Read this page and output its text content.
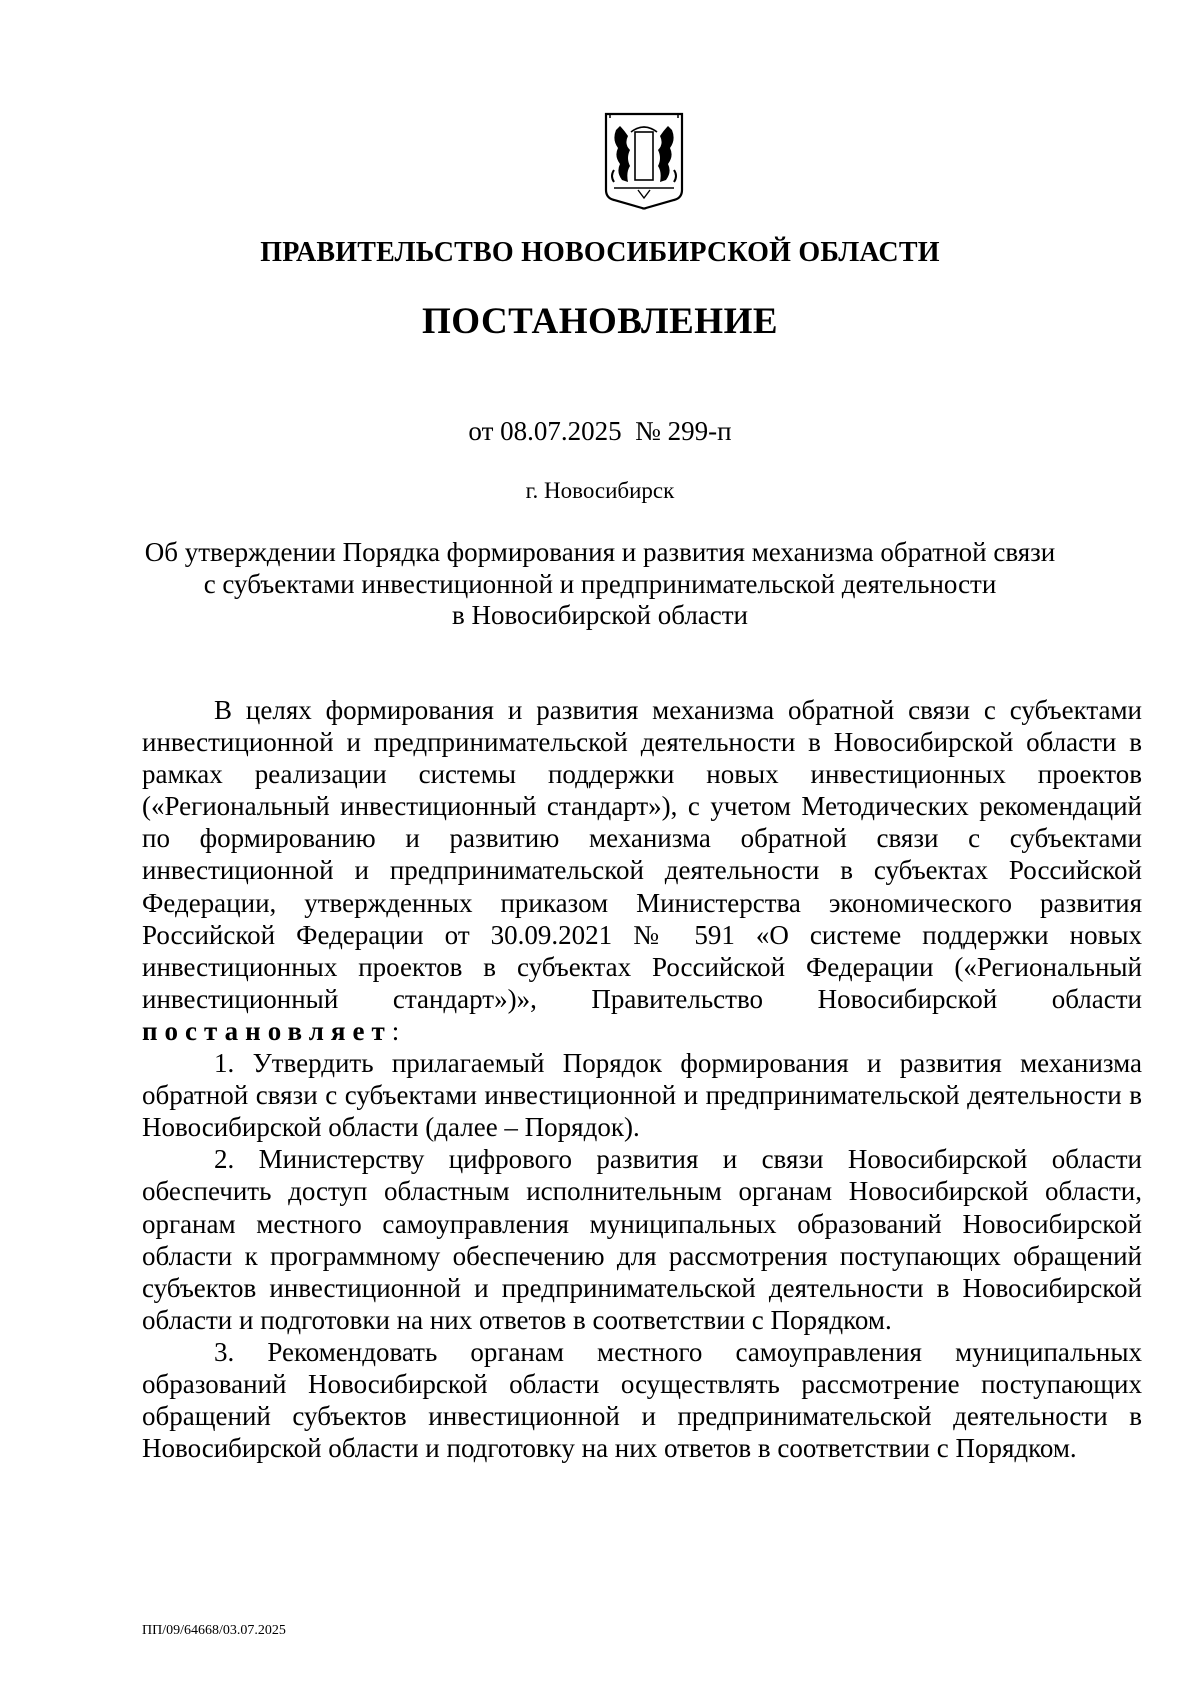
ПРАВИТЕЛЬСТВО НОВОСИБИРСКОЙ ОБЛАСТИ
ПОСТАНОВЛЕНИЕ
от 08.07.2025  № 299-п
г. Новосибирск
Об утверждении Порядка формирования и развития механизма обратной связи
с субъектами инвестиционной и предпринимательской деятельности
в Новосибирской области

В целях формирования и развития механизма обратной связи с субъектами инвестиционной и предпринимательской деятельности в Новосибирской области в рамках реализации системы поддержки новых инвестиционных проектов («Региональный инвестиционный стандарт»), с учетом Методических рекомендаций по формированию и развитию механизма обратной связи с субъектами инвестиционной и предпринимательской деятельности в субъектах Российской Федерации, утвержденных приказом Министерства экономического развития Российской Федерации от 30.09.2021 № 591 «О системе поддержки новых инвестиционных проектов в субъектах Российской Федерации («Региональный инвестиционный стандарт»)», Правительство Новосибирской области постановляет:

1. Утвердить прилагаемый Порядок формирования и развития механизма обратной связи с субъектами инвестиционной и предпринимательской деятельности в Новосибирской области (далее – Порядок).

2. Министерству цифрового развития и связи Новосибирской области обеспечить доступ областным исполнительным органам Новосибирской области, органам местного самоуправления муниципальных образований Новосибирской области к программному обеспечению для рассмотрения поступающих обращений субъектов инвестиционной и предпринимательской деятельности в Новосибирской области и подготовки на них ответов в соответствии с Порядком.

3. Рекомендовать органам местного самоуправления муниципальных образований Новосибирской области осуществлять рассмотрение поступающих обращений субъектов инвестиционной и предпринимательской деятельности в Новосибирской области и подготовку на них ответов в соответствии с Порядком.

ПП/09/64668/03.07.2025
